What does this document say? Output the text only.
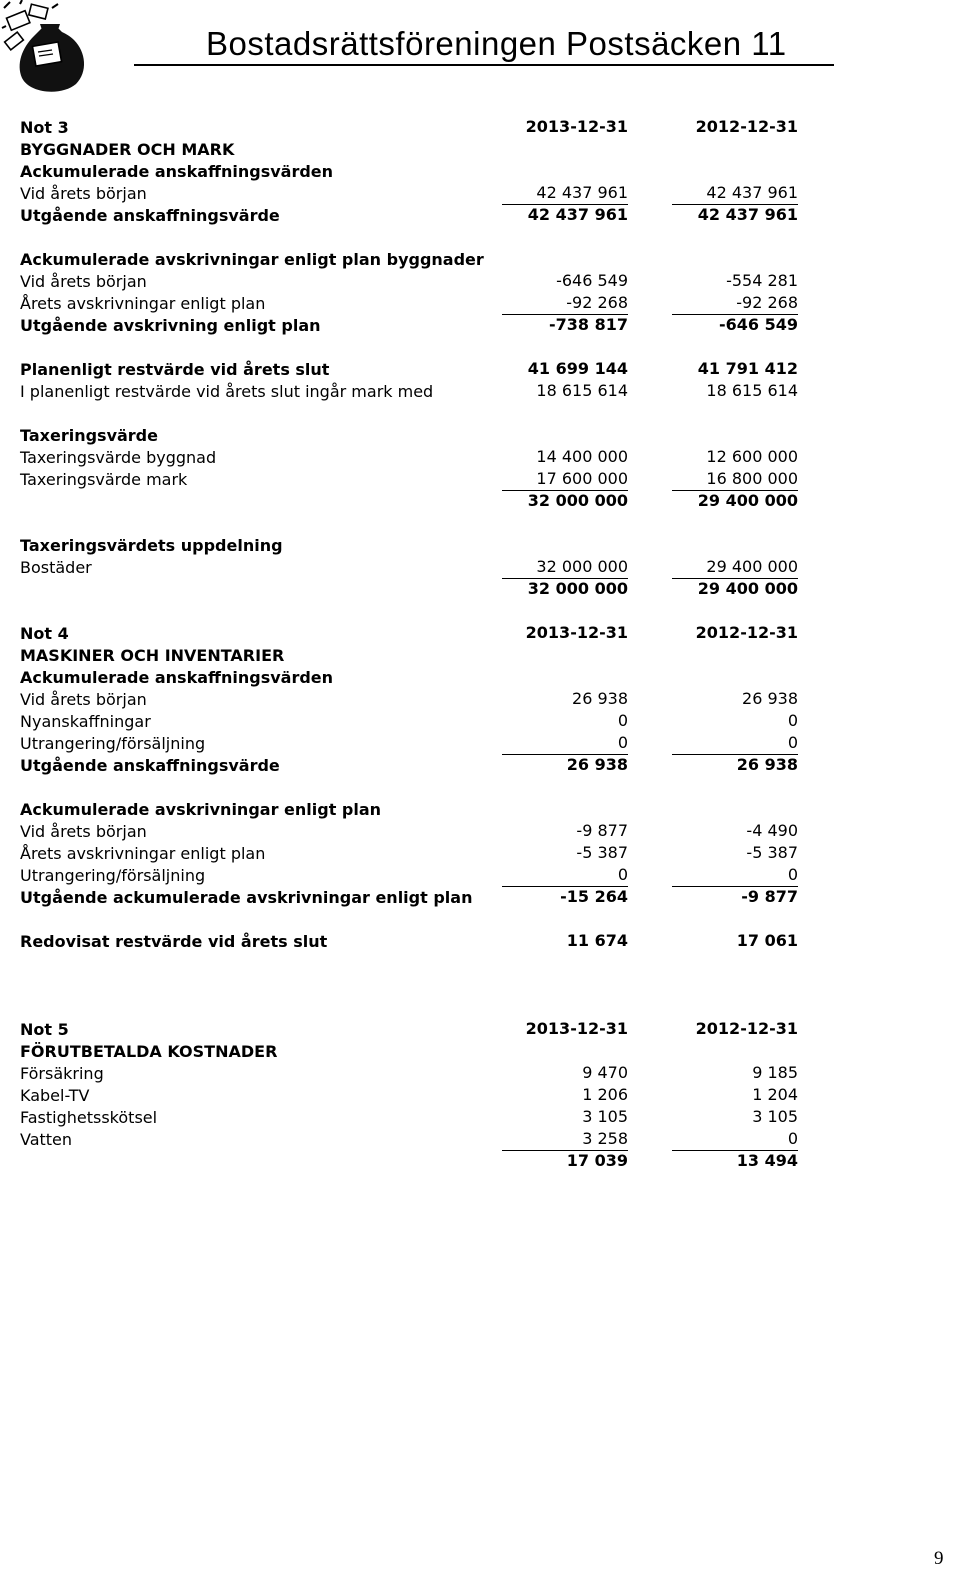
Bostadsrättsföreningen Postsäcken 11
Not 3	2013-12-31	2012-12-31
BYGGNADER OCH MARK
Ackumulerade anskaffningsvärden
Vid årets början	42 437 961	42 437 961
Utgående anskaffningsvärde	42 437 961	42 437 961
Ackumulerade avskrivningar enligt plan byggnader
Vid årets början	-646 549	-554 281
Årets avskrivningar enligt plan	-92 268	-92 268
Utgående avskrivning enligt plan	-738 817	-646 549
Planenligt restvärde vid årets slut	41 699 144	41 791 412
I planenligt restvärde vid årets slut ingår mark med	18 615 614	18 615 614
Taxeringsvärde
Taxeringsvärde byggnad	14 400 000	12 600 000
Taxeringsvärde mark	17 600 000	16 800 000
32 000 000	29 400 000
Taxeringsvärdets uppdelning
Bostäder	32 000 000	29 400 000
32 000 000	29 400 000
Not 4	2013-12-31	2012-12-31
MASKINER OCH INVENTARIER
Ackumulerade anskaffningsvärden
Vid årets början	26 938	26 938
Nyanskaffningar	0	0
Utrangering/försäljning	0	0
Utgående anskaffningsvärde	26 938	26 938
Ackumulerade avskrivningar enligt plan
Vid årets början	-9 877	-4 490
Årets avskrivningar enligt plan	-5 387	-5 387
Utrangering/försäljning	0	0
Utgående ackumulerade avskrivningar enligt plan	-15 264	-9 877
Redovisat restvärde vid årets slut	11 674	17 061
Not 5	2013-12-31	2012-12-31
FÖRUTBETALDA KOSTNADER
Försäkring	9 470	9 185
Kabel-TV	1 206	1 204
Fastighetsskötsel	3 105	3 105
Vatten	3 258	0
17 039	13 494
9
